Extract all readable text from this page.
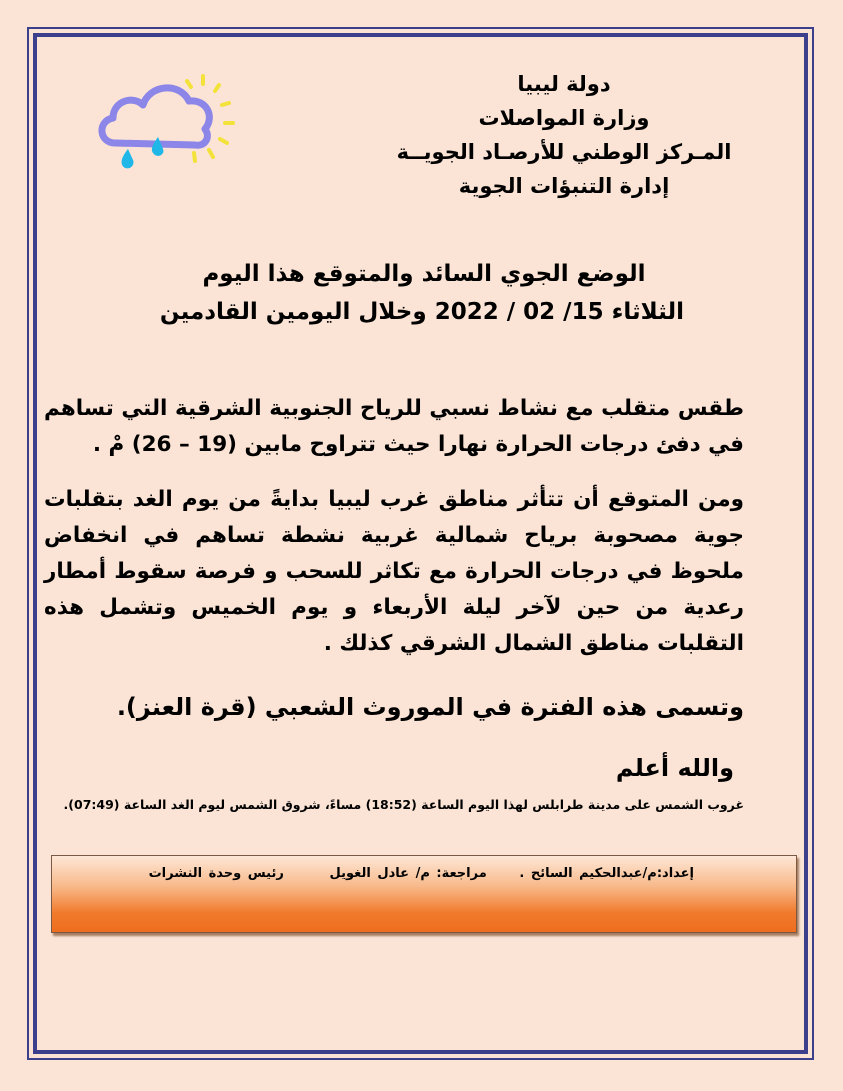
دولة ليبيا
وزارة المواصلات
المـركز الوطني للأرصـاد الجويــة
إدارة التنبؤات الجوية
الوضع الجوي السائد والمتوقع هذا اليوم
الثلاثاء 15/ 02 / 2022 وخلال اليومين القادمين
طقس متقلب مع نشاط نسبي للرياح الجنوبية الشرقية التي تساهم في دفئ درجات الحرارة نهارا حيث تتراوح مابين (19 – 26) مْ .
ومن المتوقع أن تتأثر مناطق غرب ليبيا بدايةً من يوم الغد بتقلبات جوية مصحوبة برياح شمالية غربية نشطة تساهم في انخفاض ملحوظ في درجات الحرارة مع تكاثر للسحب و فرصة سقوط أمطار رعدية من حين لآخر ليلة الأربعاء و يوم الخميس وتشمل هذه التقلبات مناطق الشمال الشرقي كذلك .
وتسمى هذه الفترة في الموروث الشعبي (قرة العنز).
والله أعلم
غروب الشمس على مدينة طرابلس لهذا اليوم الساعة (18:52) مساءً، شروق الشمس ليوم الغد الساعة (07:49).
إعداد:م/عبدالحكيم السائح .     مراجعة: م/ عادل الغويل       رئيس وحدة النشرات
